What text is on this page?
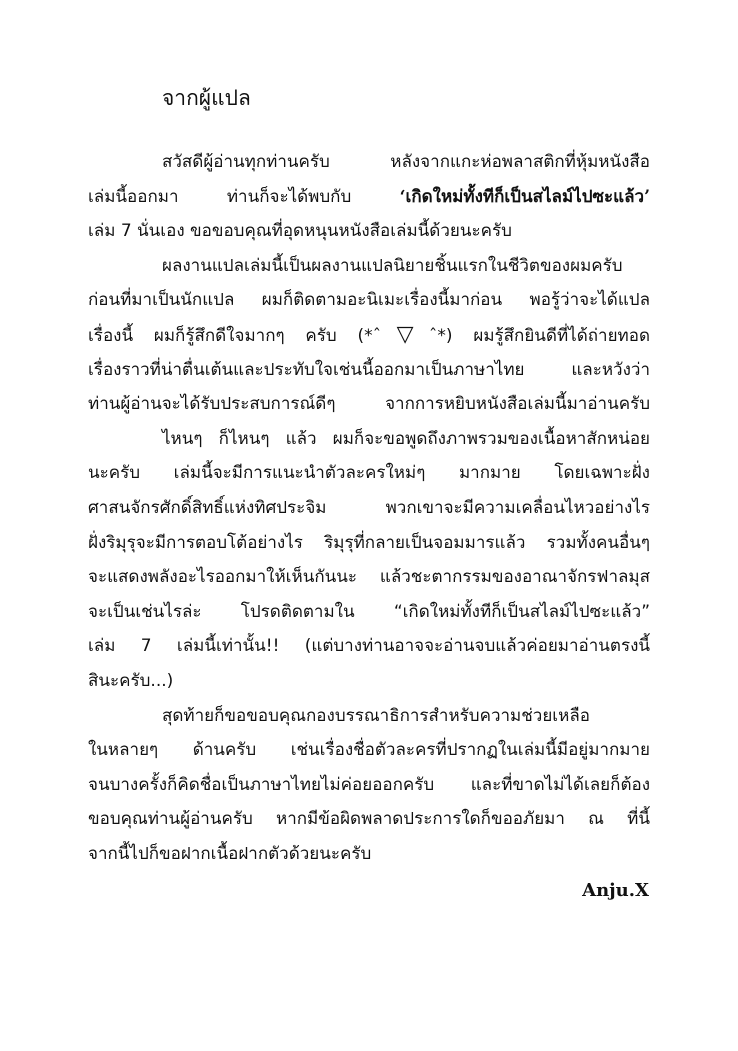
จากผู้แปล
สวัสดีผู้อ่านทุกท่านครับ หลังจากแกะห่อพลาสติกที่หุ้มหนังสือ
เล่มนี้ออกมา ท่านก็จะได้พบกับ ‘เกิดใหม่ทั้งทีก็เป็นสไลม์ไปซะแล้ว’
เล่ม 7 นั่นเอง ขอขอบคุณที่อุดหนุนหนังสือเล่มนี้ด้วยนะครับ
ผลงานแปลเล่มนี้เป็นผลงานแปลนิยายชิ้นแรกในชีวิตของผมครับ
ก่อนที่มาเป็นนักแปล ผมก็ติดตามอะนิเมะเรื่องนี้มาก่อน พอรู้ว่าจะได้แปล
เรื่องนี้ ผมก็รู้สึกดีใจมากๆ ครับ (*ˆ▽ˆ*) ผมรู้สึกยินดีที่ได้ถ่ายทอด
เรื่องราวที่น่าตื่นเต้นและประทับใจเช่นนี้ออกมาเป็นภาษาไทย และหวังว่า
ท่านผู้อ่านจะได้รับประสบการณ์ดีๆ จากการหยิบหนังสือเล่มนี้มาอ่านครับ
ไหนๆ ก็ไหนๆ แล้ว ผมก็จะขอพูดถึงภาพรวมของเนื้อหาสักหน่อย
นะครับ เล่มนี้จะมีการแนะนำตัวละครใหม่ๆ มากมาย โดยเฉพาะฝั่ง
ศาสนจักรศักดิ์สิทธิ์แห่งทิศประจิม พวกเขาจะมีความเคลื่อนไหวอย่างไร
ฝั่งริมุรุจะมีการตอบโต้อย่างไร ริมุรุที่กลายเป็นจอมมารแล้ว รวมทั้งคนอื่นๆ
จะแสดงพลังอะไรออกมาให้เห็นกันนะ แล้วชะตากรรมของอาณาจักรฟาลมุส
จะเป็นเช่นไรล่ะ โปรดติดตามใน “เกิดใหม่ทั้งทีก็เป็นสไลม์ไปซะแล้ว”
เล่ม 7 เล่มนี้เท่านั้น!! (แต่บางท่านอาจจะอ่านจบแล้วค่อยมาอ่านตรงนี้
สินะครับ...)
สุดท้ายก็ขอขอบคุณกองบรรณาธิการสำหรับความช่วยเหลือ
ในหลายๆ ด้านครับ เช่นเรื่องชื่อตัวละครที่ปรากฏในเล่มนี้มีอยู่มากมาย
จนบางครั้งก็คิดชื่อเป็นภาษาไทยไม่ค่อยออกครับ และที่ขาดไม่ได้เลยก็ต้อง
ขอบคุณท่านผู้อ่านครับ หากมีข้อผิดพลาดประการใดก็ขออภัยมา ณ ที่นี้
จากนี้ไปก็ขอฝากเนื้อฝากตัวด้วยนะครับ

Anju.X
